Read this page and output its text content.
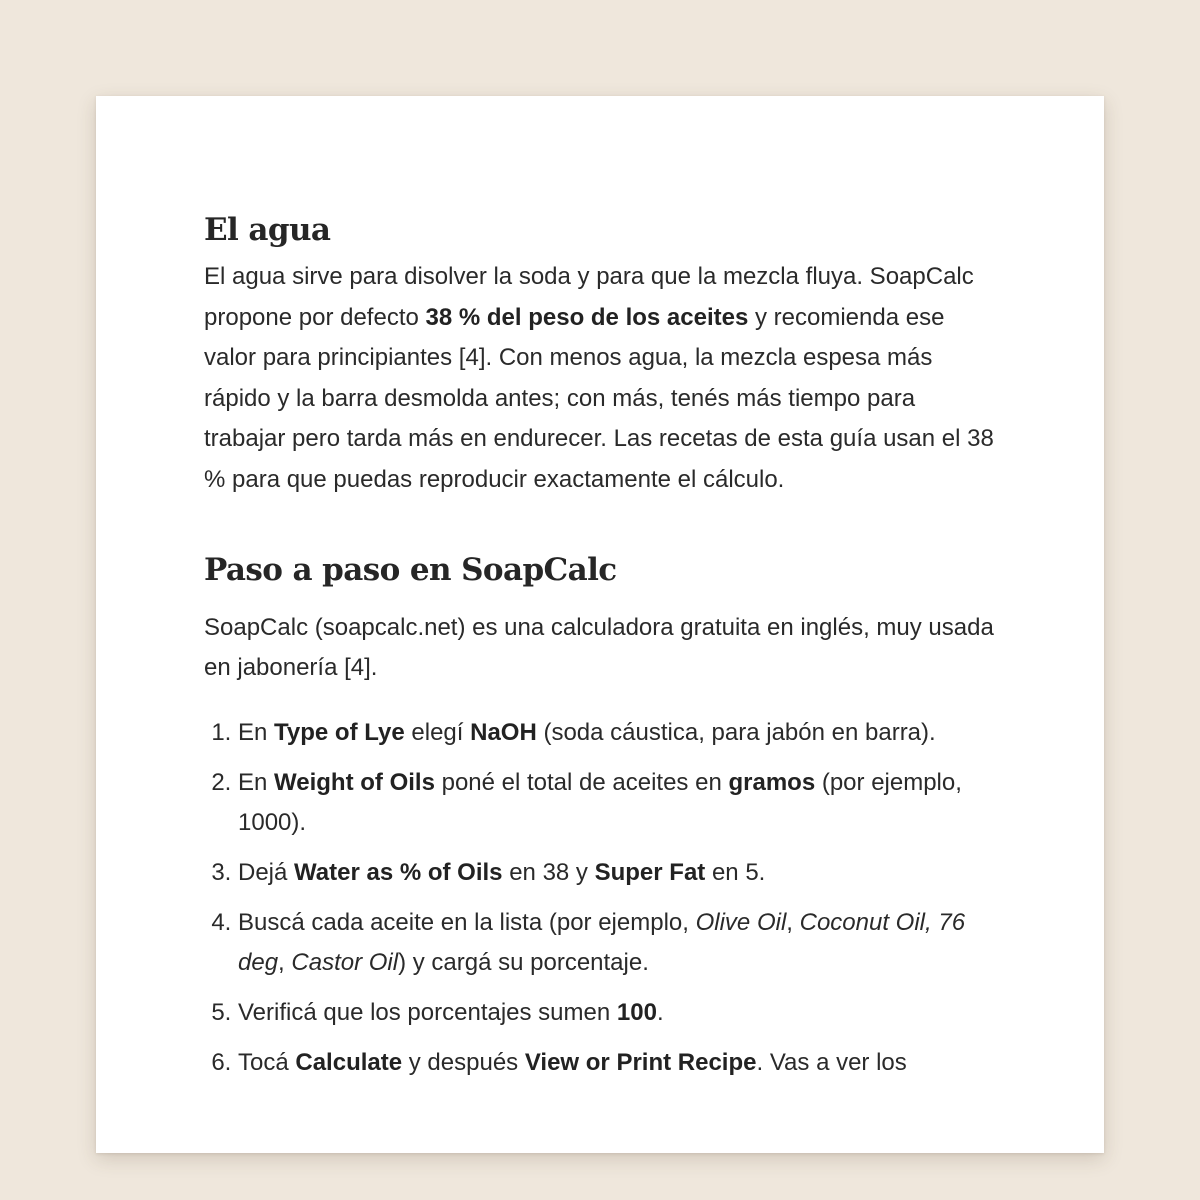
El agua

El agua sirve para disolver la soda y para que la mezcla fluya. SoapCalc propone por defecto 38 % del peso de los aceites y recomienda ese valor para principiantes [4]. Con menos agua, la mezcla espesa más rápido y la barra desmolda antes; con más, tenés más tiempo para trabajar pero tarda más en endurecer. Las recetas de esta guía usan el 38 % para que puedas reproducir exactamente el cálculo.

Paso a paso en SoapCalc

SoapCalc (soapcalc.net) es una calculadora gratuita en inglés, muy usada en jabonería [4].

1. En Type of Lye elegí NaOH (soda cáustica, para jabón en barra).
2. En Weight of Oils poné el total de aceites en gramos (por ejemplo, 1000).
3. Dejá Water as % of Oils en 38 y Super Fat en 5.
4. Buscá cada aceite en la lista (por ejemplo, Olive Oil, Coconut Oil, 76 deg, Castor Oil) y cargá su porcentaje.
5. Verificá que los porcentajes sumen 100.
6. Tocá Calculate y después View or Print Recipe. Vas a ver los
